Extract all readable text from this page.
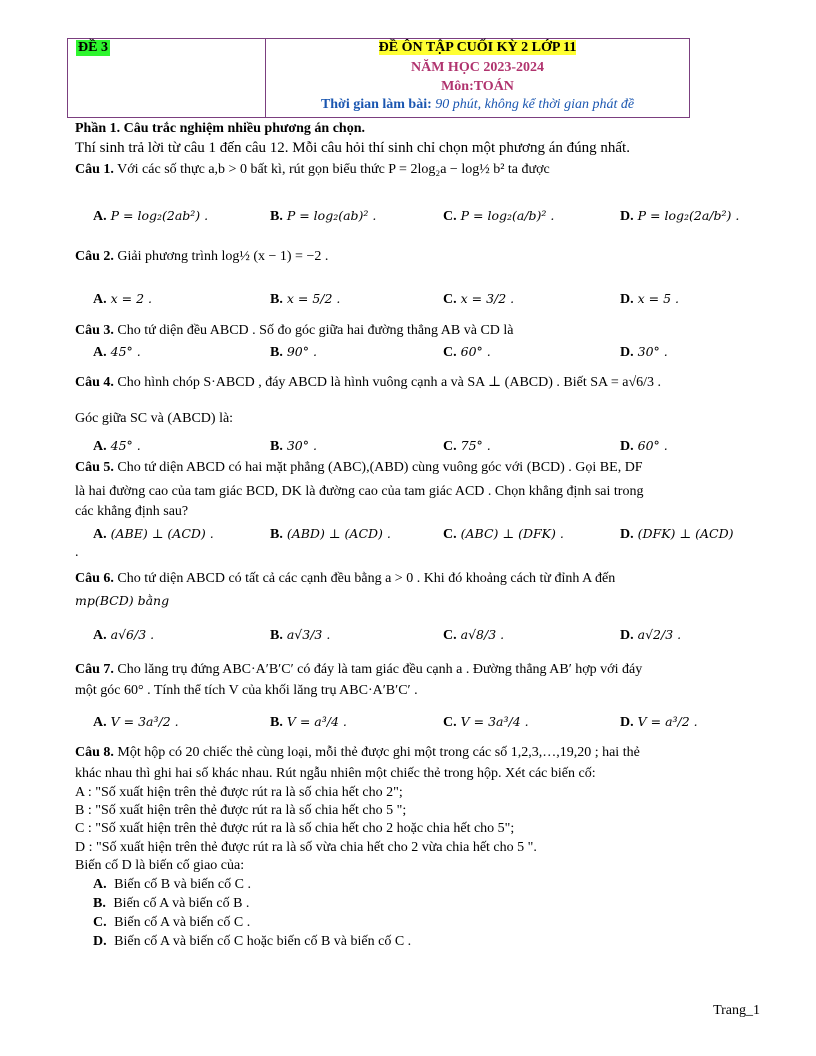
ĐỀ 3	ĐỀ ÔN TẬP CUỐI KỲ 2 LỚP 11
NĂM HỌC 2023-2024
Môn:TOÁN
Thời gian làm bài: 90 phút, không kể thời gian phát đề
Phần 1. Câu trắc nghiệm nhiều phương án chọn.
Thí sinh trả lời từ câu 1 đến câu 12. Mỗi câu hỏi thí sinh chỉ chọn một phương án đúng nhất.
Câu 1. Với các số thực a,b > 0 bất kì, rút gọn biểu thức P = 2log₂a − log½ b² ta được
A. P = log₂(2ab²) .	B. P = log₂(ab)² .	C. P = log₂(a/b)² .	D. P = log₂(2a/b²) .
Câu 2. Giải phương trình log½ (x − 1) = −2 .
A. x = 2 .	B. x = 5/2 .	C. x = 3/2 .	D. x = 5 .
Câu 3. Cho tứ diện đều ABCD . Số đo góc giữa hai đường thẳng AB và CD là
A. 45° .	B. 90° .	C. 60° .	D. 30° .
Câu 4. Cho hình chóp S·ABCD , đáy ABCD là hình vuông cạnh a và SA ⊥ (ABCD) . Biết SA = a√6/3 .
Góc giữa SC và (ABCD) là:
A. 45° .	B. 30° .	C. 75° .	D. 60° .
Câu 5. Cho tứ diện ABCD có hai mặt phẳng (ABC),(ABD) cùng vuông góc với (BCD) . Gọi BE, DF
là hai đường cao của tam giác BCD, DK là đường cao của tam giác ACD . Chọn khẳng định sai trong
các khẳng định sau?
A. (ABE) ⊥ (ACD) .	B. (ABD) ⊥ (ACD) .	C. (ABC) ⊥ (DFK) .	D. (DFK) ⊥ (ACD)
.
Câu 6. Cho tứ diện ABCD có tất cả các cạnh đều bằng a > 0 . Khi đó khoảng cách từ đỉnh A đến
mp(BCD) bằng
A. a√6/3 .	B. a√3/3 .	C. a√8/3 .	D. a√2/3 .
Câu 7. Cho lăng trụ đứng ABC·A′B′C′ có đáy là tam giác đều cạnh a . Đường thẳng AB′ hợp với đáy
một góc 60° . Tính thể tích V của khối lăng trụ ABC·A′B′C′ .
A. V = 3a³/2 .	B. V = a³/4 .	C. V = 3a³/4 .	D. V = a³/2 .
Câu 8. Một hộp có 20 chiếc thẻ cùng loại, mỗi thẻ được ghi một trong các số 1,2,3,…,19,20 ; hai thẻ
khác nhau thì ghi hai số khác nhau. Rút ngẫu nhiên một chiếc thẻ trong hộp. Xét các biến cố:
A : "Số xuất hiện trên thẻ được rút ra là số chia hết cho 2";
B : "Số xuất hiện trên thẻ được rút ra là số chia hết cho 5 ";
C : "Số xuất hiện trên thẻ được rút ra là số chia hết cho 2 hoặc chia hết cho 5";
D : "Số xuất hiện trên thẻ được rút ra là số vừa chia hết cho 2 vừa chia hết cho 5 ".
Biến cố D là biến cố giao của:
A. Biến cố B và biến cố C .
B. Biến cố A và biến cố B .
C. Biến cố A và biến cố C .
D. Biến cố A và biến cố C hoặc biến cố B và biến cố C .
Trang_1
